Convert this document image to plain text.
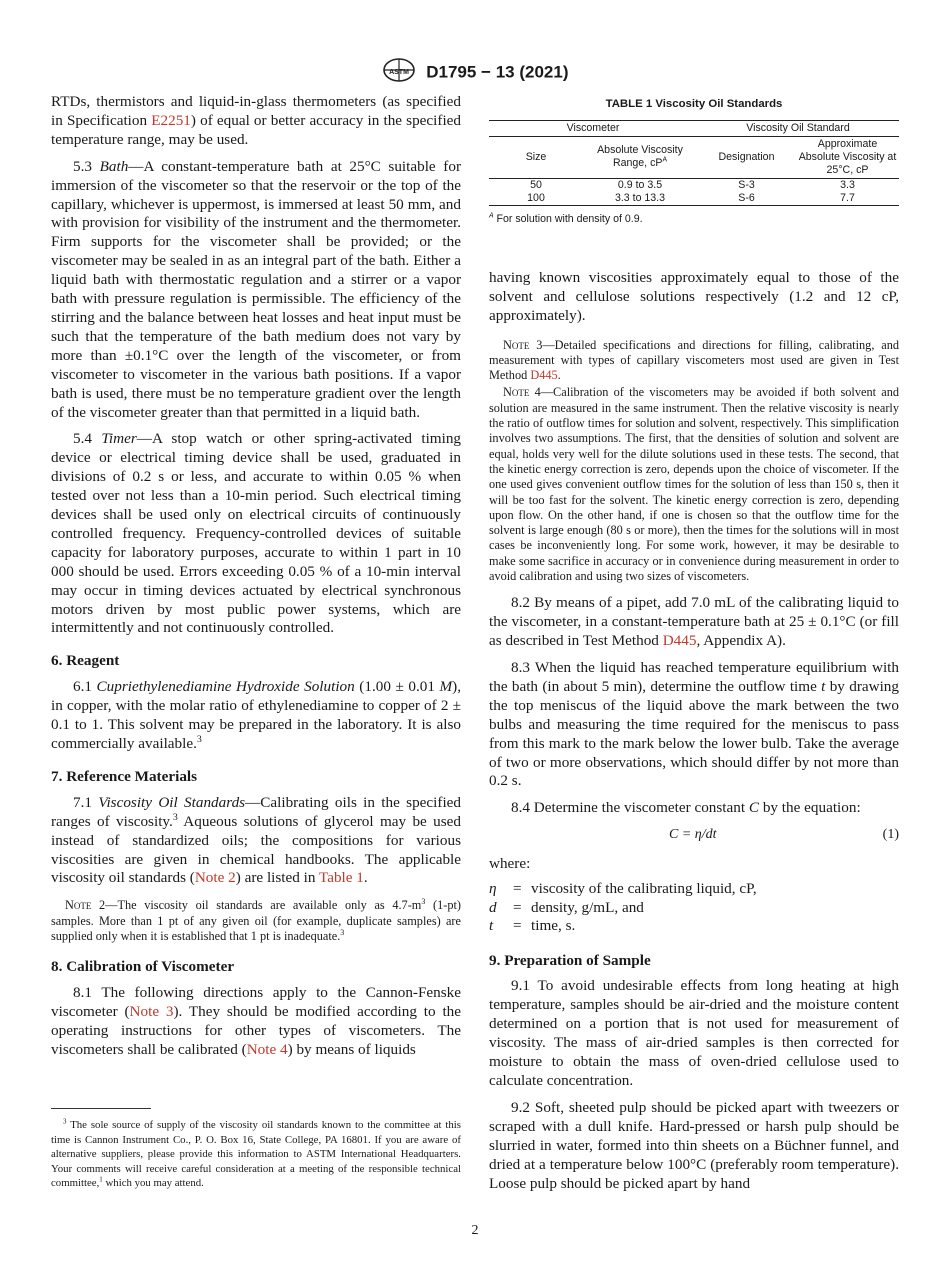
ASTM D1795 − 13 (2021)

RTDs, thermistors and liquid-in-glass thermometers (as specified in Specification E2251) of equal or better accuracy in the specified temperature range, may be used.

5.3 Bath—A constant-temperature bath at 25°C suitable for immersion of the viscometer so that the reservoir or the top of the capillary, whichever is uppermost, is immersed at least 50 mm, and with provision for visibility of the instrument and the thermometer. Firm supports for the viscometer shall be provided; or the viscometer may be sealed in as an integral part of the bath. Either a liquid bath with thermostatic regulation and a stirrer or a vapor bath with pressure regulation is permissible. The efficiency of the stirring and the balance between heat losses and heat input must be such that the temperature of the bath medium does not vary by more than ±0.1°C over the length of the viscometer, or from viscometer to viscometer in the various bath positions. If a vapor bath is used, there must be no temperature gradient over the length of the viscometer greater than that permitted in a liquid bath.

5.4 Timer—A stop watch or other spring-activated timing device or electrical timing device shall be used, graduated in divisions of 0.2 s or less, and accurate to within 0.05 % when tested over not less than a 10-min period. Such electrical timing devices shall be used only on electrical circuits of continuously controlled frequency. Frequency-controlled devices of suitable capacity for laboratory purposes, accurate to within 1 part in 10 000 should be used. Errors exceeding 0.05 % of a 10-min interval may occur in timing devices actuated by electrical synchronous motors driven by most public power systems, which are intermittently and not continuously controlled.

6. Reagent

6.1 Cupriethylenediamine Hydroxide Solution (1.00 ± 0.01 M), in copper, with the molar ratio of ethylenediamine to copper of 2 ± 0.1 to 1. This solvent may be prepared in the laboratory. It is also commercially available.$^3$

7. Reference Materials

7.1 Viscosity Oil Standards—Calibrating oils in the specified ranges of viscosity.$^3$ Aqueous solutions of glycerol may be used instead of standardized oils; the compositions for various viscosities are given in chemical handbooks. The applicable viscosity oil standards (Note 2) are listed in Table 1.

Note 2—The viscosity oil standards are available only as $4.7-m^3$ (1-pt) samples. More than 1 pt of any given oil (for example, duplicate samples) are supplied only when it is established that 1 pt is inadequate.$^3$

8. Calibration of Viscometer

8.1 The following directions apply to the Cannon-Fenske viscometer (Note 3). They should be modified according to the operating instructions for other types of viscometers. The viscometers shall be calibrated (Note 4) by means of liquids

$^3$ The sole source of supply of the viscosity oil standards known to the committee at this time is Cannon Instrument Co., P. O. Box 16, State College, PA 16801. If you are aware of alternative suppliers, please provide this information to ASTM International Headquarters. Your comments will receive careful consideration at a meeting of the responsible technical committee,$^1$ which you may attend.
TABLE 1 Viscosity Oil Standards
Viscometer		Viscosity Oil Standard	
Size	Absolute Viscosity Range, $cP^A$	Designation	Approximate Absolute Viscosity at 25°C, cP
50	0.9 to 3.5	S-3	3.3
100	3.3 to 13.3	S-6	7.7

$^A$ For solution with density of 0.9.

having known viscosities approximately equal to those of the solvent and cellulose solutions respectively (1.2 and 12 cP, approximately).

Note 3—Detailed specifications and directions for filling, calibrating, and measurement with types of capillary viscometers most used are given in Test Method D445.

Note 4—Calibration of the viscometers may be avoided if both solvent and solution are measured in the same instrument. Then the relative viscosity is nearly the ratio of outflow times for solution and solvent, respectively. This simplification involves two assumptions. The first, that the densities of solution and solvent are equal, holds very well for the dilute solutions used in these tests. The second, that the kinetic energy correction is zero, depends upon the choice of viscometer. If the one used gives convenient outflow times for the solution of less than 150 s, then it will be too fast for the solvent. The kinetic energy correction is zero, depending upon flow. On the other hand, if one is chosen so that the outflow time for the solvent is large enough (80 s or more), then the times for the solutions will in most cases be inconveniently long. For some work, however, it may be desirable to make some sacrifice in accuracy or in convenience during measurement in order to avoid calibration and using two sizes of viscometers.

8.2 By means of a pipet, add 7.0 mL of the calibrating liquid to the viscometer, in a constant-temperature bath at 25 ± 0.1°C (or fill as described in Test Method D445, Appendix A).

8.3 When the liquid has reached temperature equilibrium with the bath (in about 5 min), determine the outflow time t by drawing the top meniscus of the liquid above the mark between the two bulbs and measuring the time required for the meniscus to pass from this mark to the mark below the lower bulb. Take the average of two or more observations, which should differ by not more than 0.2 s.

8.4 Determine the viscometer constant C by the equation:

C = η/dt	(1)
where:
η	= viscosity of the calibrating liquid, cP,
d	= density, g/mL, and
t	= time, s.
9. Preparation of Sample

9.1 To avoid undesirable effects from long heating at high temperature, samples should be air-dried and the moisture content determined on a portion that is not used for measurement of viscosity. The mass of air-dried samples is then corrected for moisture to obtain the mass of oven-dried cellulose used to calculate concentration.

9.2 Soft, sheeted pulp should be picked apart with tweezers or scraped with a dull knife. Hard-pressed or harsh pulp should be slurried in water, formed into thin sheets on a Büchner funnel, and dried at a temperature below 100°C (preferably room temperature). Loose pulp should be picked apart by hand

2
